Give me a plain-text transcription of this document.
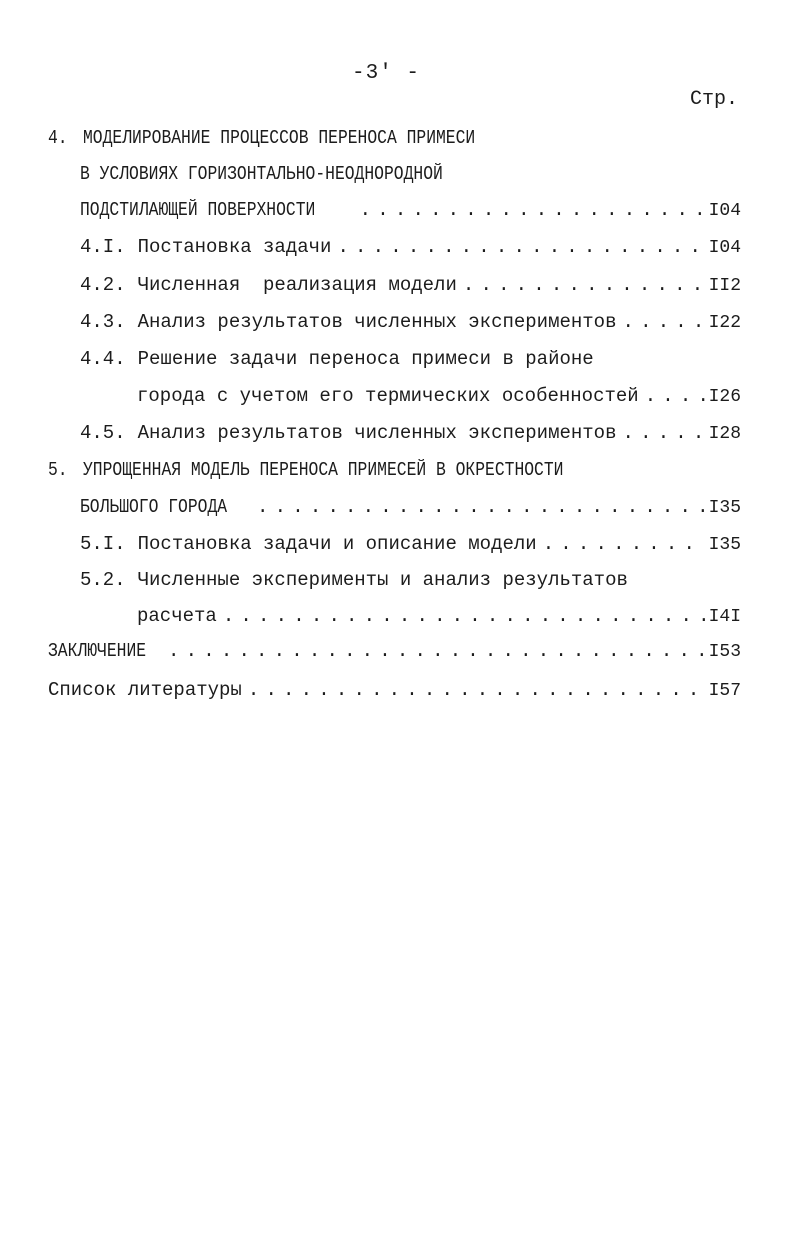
-3ʹ -
Стр.
4. МОДЕЛИРОВАНИЕ ПРОЦЕССОВ ПЕРЕНОСА ПРИМЕСИ
В УСЛОВИЯХ ГОРИЗОНТАЛЬНО-НЕОДНОРОДНОЙ
ПОДСТИЛАЮЩЕЙ ПОВЕРХНОСТИ . . .	I04
4.I. Постановка задачи . . .	I04
4.2. Численная  реализация модели . . .	II2
4.3. Анализ результатов численных экспериментов . . .	I22
4.4. Решение задачи переноса примеси в районе
города с учетом его термических особенностей . . .	I26
4.5. Анализ результатов численных экспериментов . . .	I28
5. УПРОЩЕННАЯ МОДЕЛЬ ПЕРЕНОСА ПРИМЕСЕЙ В ОКРЕСТНОСТИ
БОЛЬШОГО ГОРОДА . . .	I35
5.I. Постановка задачи и описание модели . . .	I35
5.2. Численные эксперименты и анализ результатов
расчета . . .	I4I
ЗАКЛЮЧЕНИЕ . . .	I53
Список литературы . . .	I57
